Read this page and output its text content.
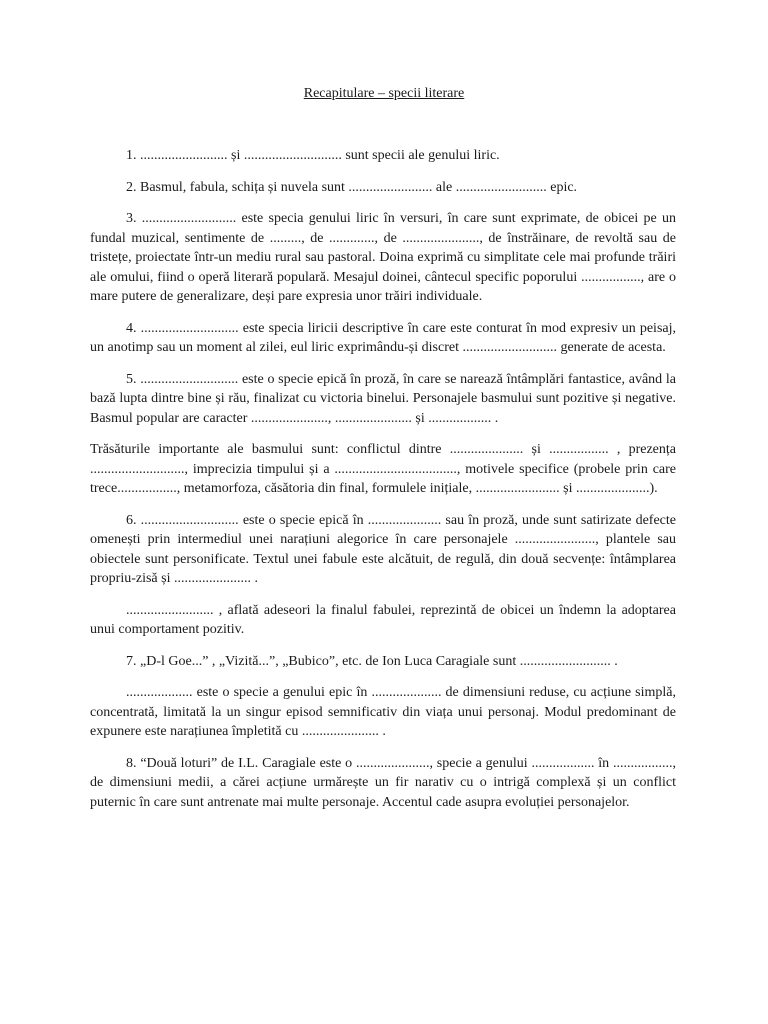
Recapitulare – specii literare

1. ......................... și ............................ sunt specii ale genului liric.

2. Basmul, fabula, schița și nuvela sunt ........................ ale .......................... epic.

3. ........................... este specia genului liric în versuri, în care sunt exprimate, de obicei pe un fundal muzical, sentimente de ........., de ............., de ......................, de înstrăinare, de revoltă sau de tristețe, proiectate într-un mediu rural sau pastoral. Doina exprimă cu simplitate cele mai profunde trăiri ale omului, fiind o operă literară populară. Mesajul doinei, cântecul specific poporului ................., are o mare putere de generalizare, deși pare expresia unor trăiri individuale.

4. ............................ este specia liricii descriptive în care este conturat în mod expresiv un peisaj, un anotimp sau un moment al zilei, eul liric exprimându-și discret ........................... generate de acesta.

5. ............................ este o specie epică în proză, în care se narează întâmplări fantastice, având la bază lupta dintre bine și rău, finalizat cu victoria binelui. Personajele basmului sunt pozitive și negative. Basmul popular are caracter ......................, ...................... și .................. .

Trăsăturile importante ale basmului sunt: conflictul dintre ..................... și ................. , prezența ..........................., imprecizia timpului și a ..................................., motivele specifice (probele prin care trece................., metamorfoza, căsătoria din final, formulele inițiale, ........................ și .....................).

6. ............................ este o specie epică în ..................... sau în proză, unde sunt satirizate defecte omenești prin intermediul unei narațiuni alegorice în care personajele ......................., plantele sau obiectele sunt personificate. Textul unei fabule este alcătuit, de regulă, din două secvențe: întâmplarea propriu-zisă și ...................... .

......................... , aflată adeseori la finalul fabulei, reprezintă de obicei un îndemn la adoptarea unui comportament pozitiv.

7. „D-l Goe...” , „Vizită...”, „Bubico”, etc. de Ion Luca Caragiale sunt .......................... .

................... este o specie a genului epic în .................... de dimensiuni reduse, cu acțiune simplă, concentrată, limitată la un singur episod semnificativ din viața unui personaj. Modul predominant de expunere este narațiunea împletită cu ...................... .

8. “Două loturi” de I.L. Caragiale este o ....................., specie a genului .................. în ................., de dimensiuni medii, a cărei acțiune urmărește un fir narativ cu o intrigă complexă și un conflict puternic în care sunt antrenate mai multe personaje. Accentul cade asupra evoluției personajelor.
